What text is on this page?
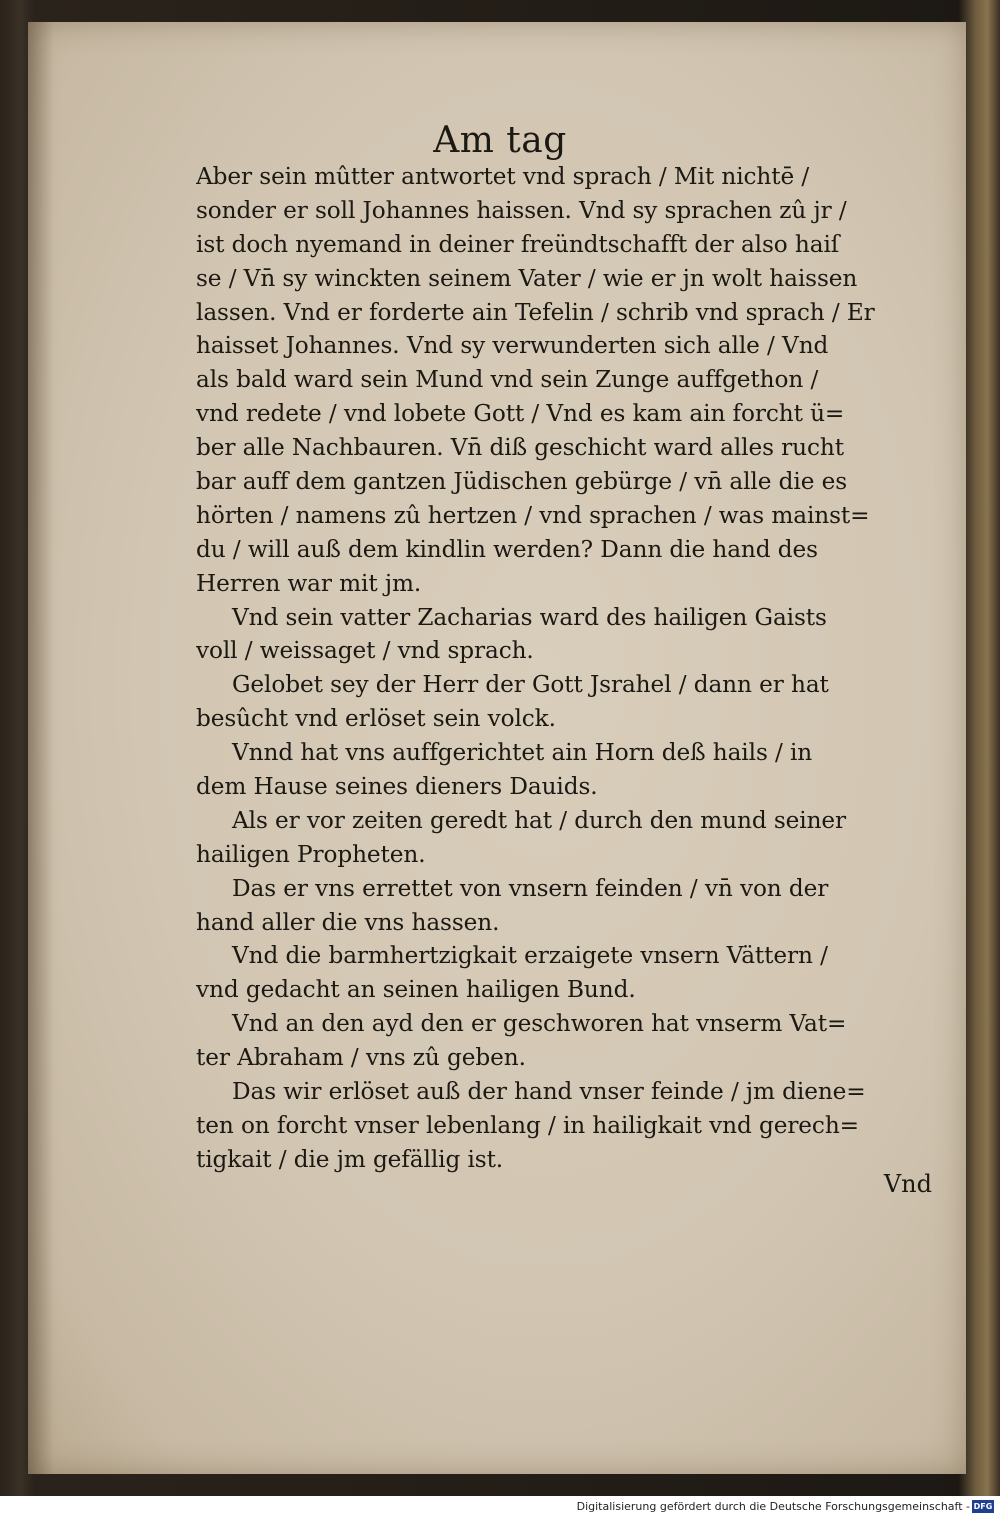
Am tag
Aber sein mûtter antwortet vnd sprach / Mit nichtē /
sonder er soll Johannes haissen. Vnd sy sprachen zû jr /
ist doch nyemand in deiner freündtschafft der also haiſ
se / Vn̄ sy winckten seinem Vater / wie er jn wolt haissen
lassen. Vnd er forderte ain Tefelin / schrib vnd sprach / Er
haisset Johannes. Vnd sy verwunderten sich alle / Vnd
als bald ward sein Mund vnd sein Zunge auffgethon /
vnd redete / vnd lobete Gott / Vnd es kam ain forcht ü=
ber alle Nachbauren. Vn̄ diß geschicht ward alles rucht
bar auff dem gantzen Jüdischen gebürge / vn̄ alle die es
hörten / namens zû hertzen / vnd sprachen / was mainst=
du / will auß dem kindlin werden? Dann die hand des
Herren war mit jm.
Vnd sein vatter Zacharias ward des hailigen Gaists
voll / weissaget / vnd sprach.
Gelobet sey der Herr der Gott Jsrahel / dann er hat
besûcht vnd erlöset sein volck.
Vnnd hat vns auffgerichtet ain Horn deß hails / in
dem Hause seines dieners Dauids.
Als er vor zeiten geredt hat / durch den mund seiner
hailigen Propheten.
Das er vns errettet von vnsern feinden / vn̄ von der
hand aller die vns hassen.
Vnd die barmhertzigkait erzaigete vnsern Vättern /
vnd gedacht an seinen hailigen Bund.
Vnd an den ayd den er geschworen hat vnserm Vat=
ter Abraham / vns zû geben.
Das wir erlöset auß der hand vnser feinde / jm diene=
ten on forcht vnser lebenlang / in hailigkait vnd gerech=
tigkait / die jm gefällig ist.
Vnd
Digitalisierung gefördert durch die Deutsche Forschungsgemeinschaft - DFG
